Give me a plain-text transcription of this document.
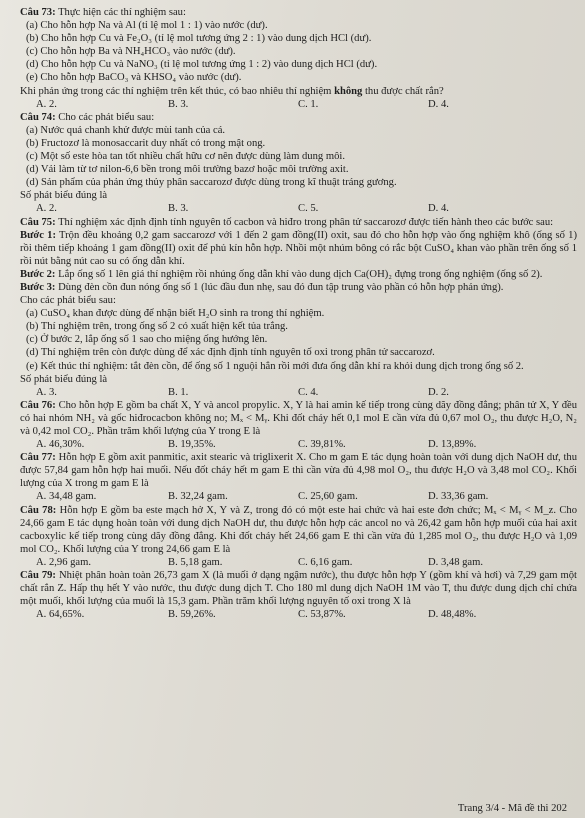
Câu 73: Thực hiện các thí nghiệm sau:

(a) Cho hỗn hợp Na và Al (tỉ lệ mol 1 : 1) vào nước (dư).

(b) Cho hỗn hợp Cu và Fe₂O₃ (tỉ lệ mol tương ứng 2 : 1) vào dung dịch HCl (dư).

(c) Cho hỗn hợp Ba và NH₄HCO₃ vào nước (dư).

(d) Cho hỗn hợp Cu và NaNO₃ (tỉ lệ mol tương ứng 1 : 2) vào dung dịch HCl (dư).

(e) Cho hỗn hợp BaCO₃ và KHSO₄ vào nước (dư).

Khi phản ứng trong các thí nghiệm trên kết thúc, có bao nhiêu thí nghiệm không thu được chất rắn?

A. 2.	B. 3.	C. 1.	D. 4.

Câu 74: Cho các phát biểu sau:

(a) Nước quả chanh khử được mùi tanh của cá.

(b) Fructozơ là monosaccarit duy nhất có trong mật ong.

(c) Một số este hòa tan tốt nhiều chất hữu cơ nên được dùng làm dung môi.

(d) Vải làm từ tơ nilon-6,6 bền trong môi trường bazơ hoặc môi trường axit.

(d) Sản phẩm của phản ứng thủy phân saccarozơ được dùng trong kĩ thuật tráng gương.

Số phát biểu đúng là

A. 2.	B. 3.	C. 5.	D. 4.

Câu 75: Thí nghiệm xác định định tính nguyên tố cacbon và hiđro trong phân tử saccarozơ được tiến hành theo các bước sau:

Bước 1: Trộn đều khoảng 0,2 gam saccarozơ với 1 đến 2 gam đồng(II) oxit, sau đó cho hỗn hợp vào ống nghiệm khô (ống số 1) rồi thêm tiếp khoảng 1 gam đồng(II) oxit để phủ kín hỗn hợp. Nhồi một nhúm bông có rắc bột CuSO₄ khan vào phần trên ống số 1 rồi nút bằng nút cao su có ống dẫn khí.

Bước 2: Lắp ống số 1 lên giá thí nghiệm rồi nhúng ống dẫn khí vào dung dịch Ca(OH)₂ đựng trong ống nghiệm (ống số 2).

Bước 3: Dùng đèn cồn đun nóng ống số 1 (lúc đầu đun nhẹ, sau đó đun tập trung vào phần có hỗn hợp phản ứng).

Cho các phát biểu sau:

(a) CuSO₄ khan được dùng để nhận biết H₂O sinh ra trong thí nghiệm.

(b) Thí nghiệm trên, trong ống số 2 có xuất hiện kết tủa trắng.

(c) Ở bước 2, lắp ống số 1 sao cho miệng ống hướng lên.

(d) Thí nghiệm trên còn được dùng để xác định định tính nguyên tố oxi trong phân tử saccarozơ.

(e) Kết thúc thí nghiệm: tắt đèn cồn, để ống số 1 nguội hẳn rồi mới đưa ống dẫn khí ra khỏi dung dịch trong ống số 2.

Số phát biểu đúng là

A. 3.	B. 1.	C. 4.	D. 2.

Câu 76: Cho hỗn hợp E gồm ba chất X, Y và ancol propylic. X, Y là hai amin kế tiếp trong cùng dãy đồng đẳng; phân tử X, Y đều có hai nhóm NH₂ và gốc hiđrocacbon không no; Mₓ < Mᵧ. Khi đốt cháy hết 0,1 mol E cần vừa đủ 0,67 mol O₂, thu được H₂O, N₂ và 0,42 mol CO₂. Phần trăm khối lượng của Y trong E là

A. 46,30%.	B. 19,35%.	C. 39,81%.	D. 13,89%.

Câu 77: Hỗn hợp E gồm axit panmitic, axit stearic và triglixerit X. Cho m gam E tác dụng hoàn toàn với dung dịch NaOH dư, thu được 57,84 gam hỗn hợp hai muối. Nếu đốt cháy hết m gam E thì cần vừa đủ 4,98 mol O₂, thu được H₂O và 3,48 mol CO₂. Khối lượng của X trong m gam E là

A. 34,48 gam.	B. 32,24 gam.	C. 25,60 gam.	D. 33,36 gam.

Câu 78: Hỗn hợp E gồm ba este mạch hở X, Y và Z, trong đó có một este hai chức và hai este đơn chức; Mₓ < Mᵧ < M_z. Cho 24,66 gam E tác dụng hoàn toàn với dung dịch NaOH dư, thu được hỗn hợp các ancol no và 26,42 gam hỗn hợp muối của hai axit cacboxylic kế tiếp trong cùng dãy đồng đẳng. Khi đốt cháy hết 24,66 gam E thì cần vừa đủ 1,285 mol O₂, thu được H₂O và 1,09 mol CO₂. Khối lượng của Y trong 24,66 gam E là

A. 2,96 gam.	B. 5,18 gam.	C. 6,16 gam.	D. 3,48 gam.

Câu 79: Nhiệt phân hoàn toàn 26,73 gam X (là muối ở dạng ngậm nước), thu được hỗn hợp Y (gồm khí và hơi) và 7,29 gam một chất rắn Z. Hấp thụ hết Y vào nước, thu được dung dịch T. Cho 180 ml dung dịch NaOH 1M vào T, thu được dung dịch chỉ chứa một muối, khối lượng của muối là 15,3 gam. Phần trăm khối lượng nguyên tố oxi trong X là

A. 64,65%.	B. 59,26%.	C. 53,87%.	D. 48,48%.
Trang 3/4 - Mã đề thi 202
